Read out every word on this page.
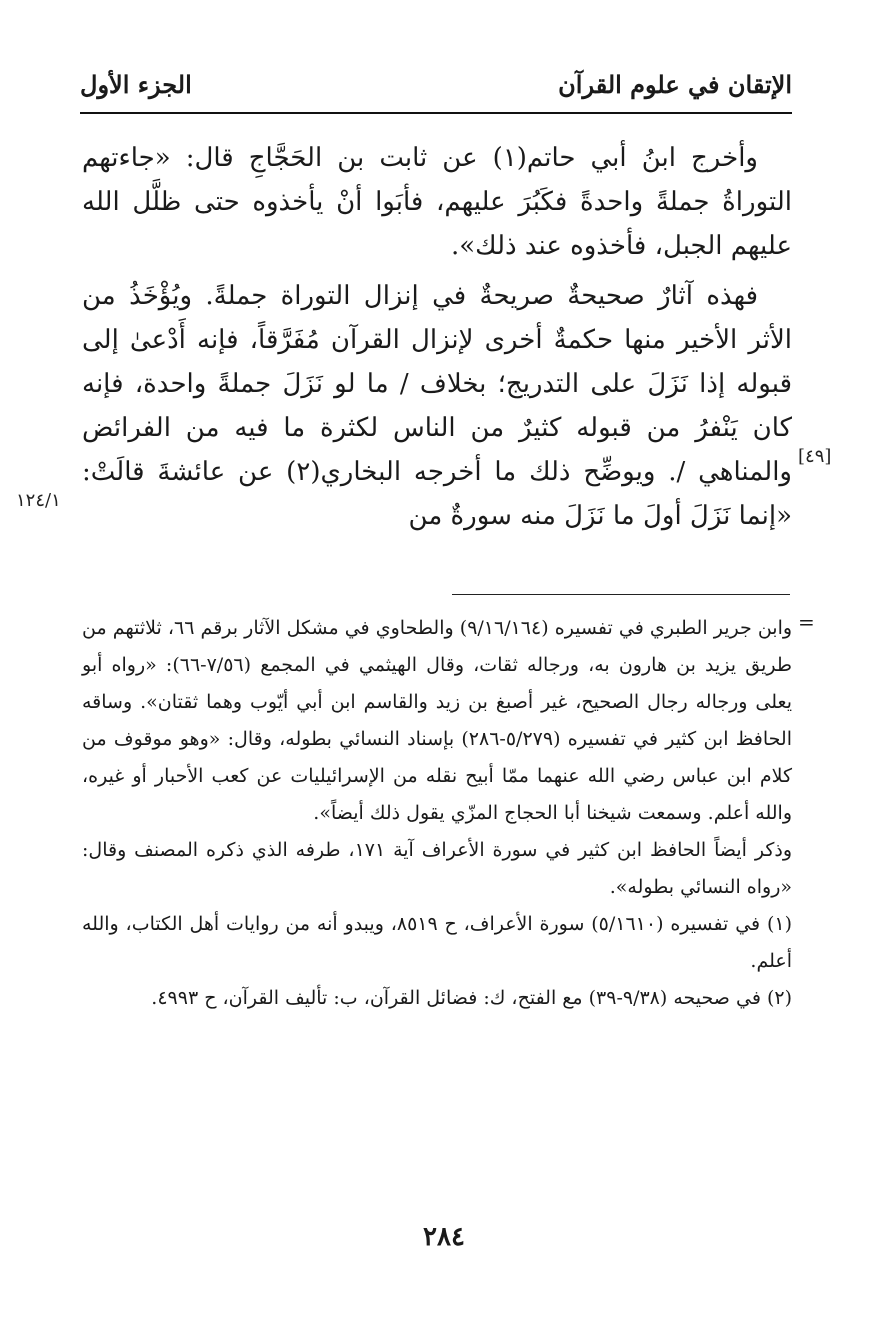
الإتقان في علوم القرآن
الجزء الأول

وأخرج ابنُ أبي حاتم(١) عن ثابت بن الحَجَّاجِ قال: «جاءتهم التوراةُ جملةً واحدةً فكَبُرَ عليهم، فأبَوا أنْ يأخذوه حتى ظلَّل الله عليهم الجبل، فأخذوه عند ذلك».

فهذه آثارٌ صحيحةٌ صريحةٌ في إنزال التوراة جملةً. ويُؤْخَذُ من الأثر الأخير منها حكمةٌ أخرى لإنزال القرآن مُفَرَّقاً، فإنه أَدْعىٰ إلى قبوله إذا نَزَلَ على التدريج؛ بخلاف / ما لو نَزَلَ جملةً واحدة، فإنه كان يَنْفرُ من قبوله كثيرٌ من الناس لكثرة ما فيه من الفرائض والمناهي /. ويوضِّح ذلك ما أخرجه البخاري(٢) عن عائشةَ قالَتْ: «إنما نَزَلَ أولَ ما نَزَلَ منه سورةٌ من

[٤٩]
١٢٤/١
=

وابن جرير الطبري في تفسيره (٩/١٦/١٦٤) والطحاوي في مشكل الآثار برقم ٦٦، ثلاثتهم من طريق يزيد بن هارون به، ورجاله ثقات، وقال الهيثمي في المجمع (٧/٥٦-٦٦): «رواه أبو يعلى ورجاله رجال الصحيح، غير أصبغ بن زيد والقاسم ابن أبي أيّوب وهما ثقتان». وساقه الحافظ ابن كثير في تفسيره (٥/٢٧٩-٢٨٦) بإسناد النسائي بطوله، وقال: «وهو موقوف من كلام ابن عباس رضي الله عنهما ممّا أبيح نقله من الإسرائيليات عن كعب الأحبار أو غيره، والله أعلم. وسمعت شيخنا أبا الحجاج المزّي يقول ذلك أيضاً».

وذكر أيضاً الحافظ ابن كثير في سورة الأعراف آية ١٧١، طرفه الذي ذكره المصنف وقال: «رواه النسائي بطوله».

(١) في تفسيره (٥/١٦١٠) سورة الأعراف، ح ٨٥١٩، ويبدو أنه من روايات أهل الكتاب، والله أعلم.

(٢) في صحيحه (٩/٣٨-٣٩) مع الفتح، ك: فضائل القرآن، ب: تأليف القرآن، ح ٤٩٩٣.

٢٨٤
